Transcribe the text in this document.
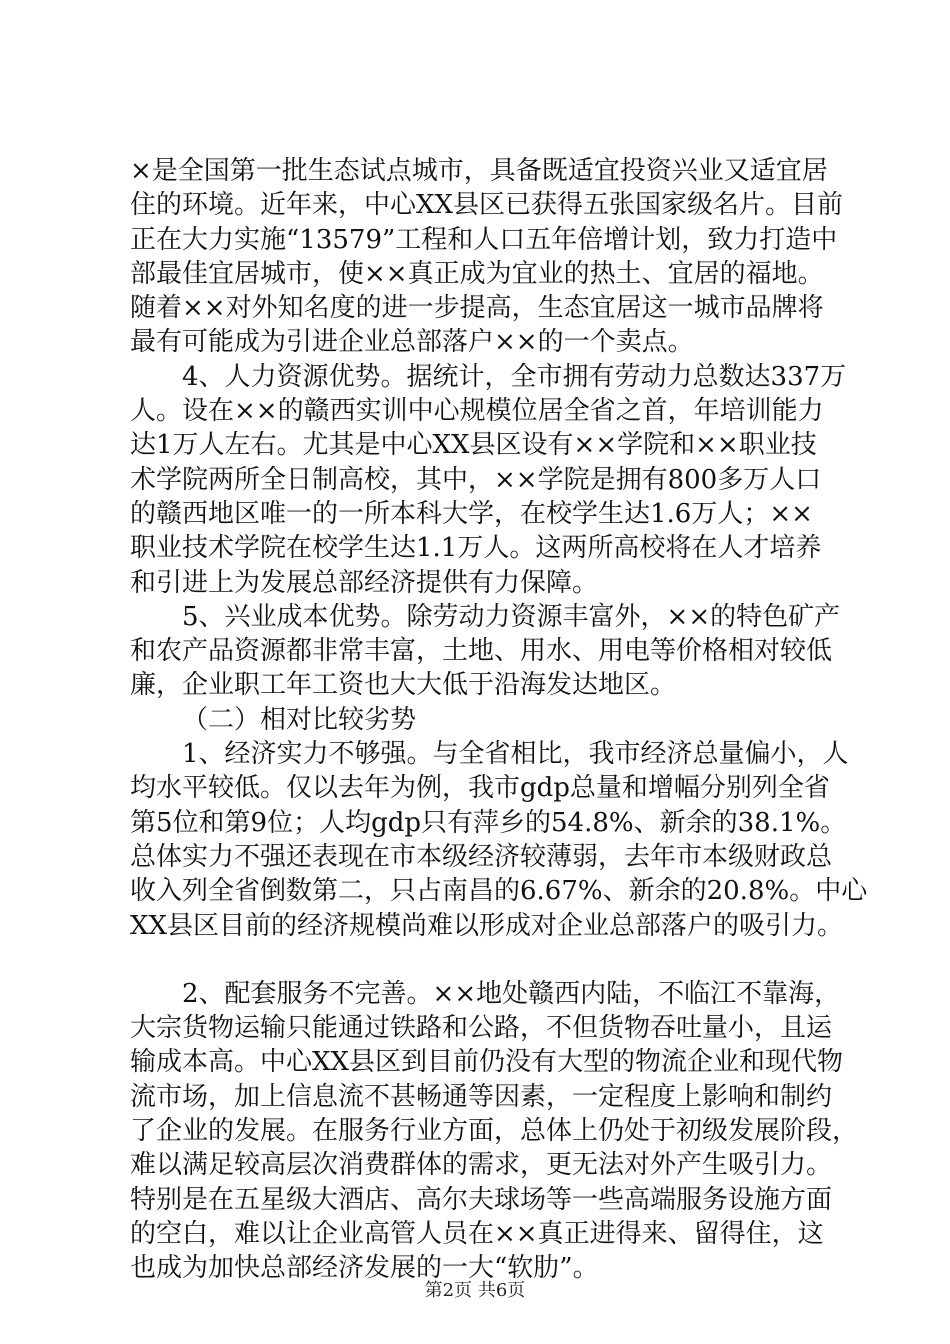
×是全国第一批生态试点城市，具备既适宜投资兴业又适宜居
住的环境。近年来，中心XX县区已获得五张国家级名片。目前
正在大力实施“13579”工程和人口五年倍增计划，致力打造中
部最佳宜居城市，使××真正成为宜业的热土、宜居的福地。
随着××对外知名度的进一步提高，生态宜居这一城市品牌将
最有可能成为引进企业总部落户××的一个卖点。
4、人力资源优势。据统计，全市拥有劳动力总数达337万
人。设在××的赣西实训中心规模位居全省之首，年培训能力
达1万人左右。尤其是中心XX县区设有××学院和××职业技
术学院两所全日制高校，其中，××学院是拥有800多万人口
的赣西地区唯一的一所本科大学，在校学生达1.6万人；××
职业技术学院在校学生达1.1万人。这两所高校将在人才培养
和引进上为发展总部经济提供有力保障。
5、兴业成本优势。除劳动力资源丰富外，××的特色矿产
和农产品资源都非常丰富，土地、用水、用电等价格相对较低
廉，企业职工年工资也大大低于沿海发达地区。
（二）相对比较劣势
1、经济实力不够强。与全省相比，我市经济总量偏小，人
均水平较低。仅以去年为例，我市gdp总量和增幅分别列全省
第5位和第9位；人均gdp只有萍乡的54.8%、新余的38.1%。
总体实力不强还表现在市本级经济较薄弱，去年市本级财政总
收入列全省倒数第二，只占南昌的6.67%、新余的20.8%。中心
XX县区目前的经济规模尚难以形成对企业总部落户的吸引力。
2、配套服务不完善。××地处赣西内陆，不临江不靠海，
大宗货物运输只能通过铁路和公路，不但货物吞吐量小，且运
输成本高。中心XX县区到目前仍没有大型的物流企业和现代物
流市场，加上信息流不甚畅通等因素，一定程度上影响和制约
了企业的发展。在服务行业方面，总体上仍处于初级发展阶段，
难以满足较高层次消费群体的需求，更无法对外产生吸引力。
特别是在五星级大酒店、高尔夫球场等一些高端服务设施方面
的空白，难以让企业高管人员在××真正进得来、留得住，这
也成为加快总部经济发展的一大“软肋”。
第2页 共6页
